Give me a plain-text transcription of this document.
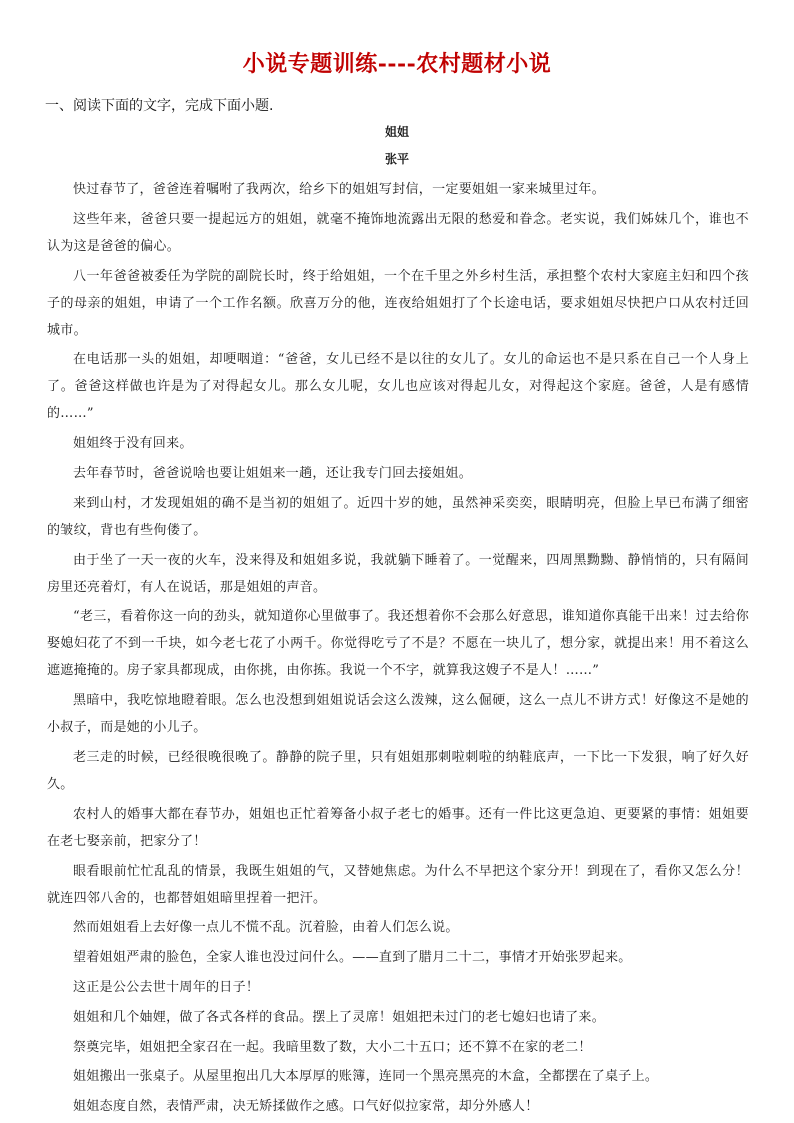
小说专题训练----农村题材小说
一、阅读下面的文字，完成下面小题.
姐姐
张平

快过春节了，爸爸连着嘱咐了我两次，给乡下的姐姐写封信，一定要姐姐一家来城里过年。

这些年来，爸爸只要一提起远方的姐姐，就毫不掩饰地流露出无限的愁爱和眷念。老实说，我们姊妹几个，谁也不认为这是爸爸的偏心。

八一年爸爸被委任为学院的副院长时，终于给姐姐，一个在千里之外乡村生活，承担整个农村大家庭主妇和四个孩子的母亲的姐姐，申请了一个工作名额。欣喜万分的他，连夜给姐姐打了个长途电话，要求姐姐尽快把户口从农村迁回城市。

在电话那一头的姐姐，却哽咽道：“爸爸，女儿已经不是以往的女儿了。女儿的命运也不是只系在自己一个人身上了。爸爸这样做也许是为了对得起女儿。那么女儿呢，女儿也应该对得起儿女，对得起这个家庭。爸爸，人是有感情的……”

姐姐终于没有回来。

去年春节时，爸爸说啥也要让姐姐来一趟，还让我专门回去接姐姐。

来到山村，才发现姐姐的确不是当初的姐姐了。近四十岁的她，虽然神采奕奕，眼睛明亮，但脸上早已布满了细密的皱纹，背也有些佝偻了。

由于坐了一天一夜的火车，没来得及和姐姐多说，我就躺下睡着了。一觉醒来，四周黑黝黝、静悄悄的，只有隔间房里还亮着灯，有人在说话，那是姐姐的声音。

“老三，看着你这一向的劲头，就知道你心里做事了。我还想着你不会那么好意思，谁知道你真能干出来！过去给你娶媳妇花了不到一千块，如今老七花了小两千。你觉得吃亏了不是？不愿在一块儿了，想分家，就提出来！用不着这么遮遮掩掩的。房子家具都现成，由你挑，由你拣。我说一个不字，就算我这嫂子不是人！……”

黑暗中，我吃惊地瞪着眼。怎么也没想到姐姐说话会这么泼辣，这么倔硬，这么一点儿不讲方式！好像这不是她的小叔子，而是她的小儿子。

老三走的时候，已经很晚很晚了。静静的院子里，只有姐姐那刺啦刺啦的纳鞋底声，一下比一下发狠，响了好久好久。

农村人的婚事大都在春节办，姐姐也正忙着筹备小叔子老七的婚事。还有一件比这更急迫、更要紧的事情：姐姐要在老七娶亲前，把家分了！

眼看眼前忙忙乱乱的情景，我既生姐姐的气，又替她焦虑。为什么不早把这个家分开！到现在了，看你又怎么分！就连四邻八舍的，也都替姐姐暗里捏着一把汗。

然而姐姐看上去好像一点儿不慌不乱。沉着脸，由着人们怎么说。

望着姐姐严肃的脸色，全家人谁也没过问什么。——直到了腊月二十二，事情才开始张罗起来。

这正是公公去世十周年的日子！

姐姐和几个妯娌，做了各式各样的食品。摆上了灵席！姐姐把未过门的老七媳妇也请了来。

祭奠完毕，姐姐把全家召在一起。我暗里数了数，大小二十五口；还不算不在家的老二！

姐姐搬出一张桌子。从屋里抱出几大本厚厚的账簿，连同一个黑亮黑亮的木盒，全都摆在了桌子上。

姐姐态度自然，表情严肃，决无矫揉做作之感。口气好似拉家常，却分外感人！
